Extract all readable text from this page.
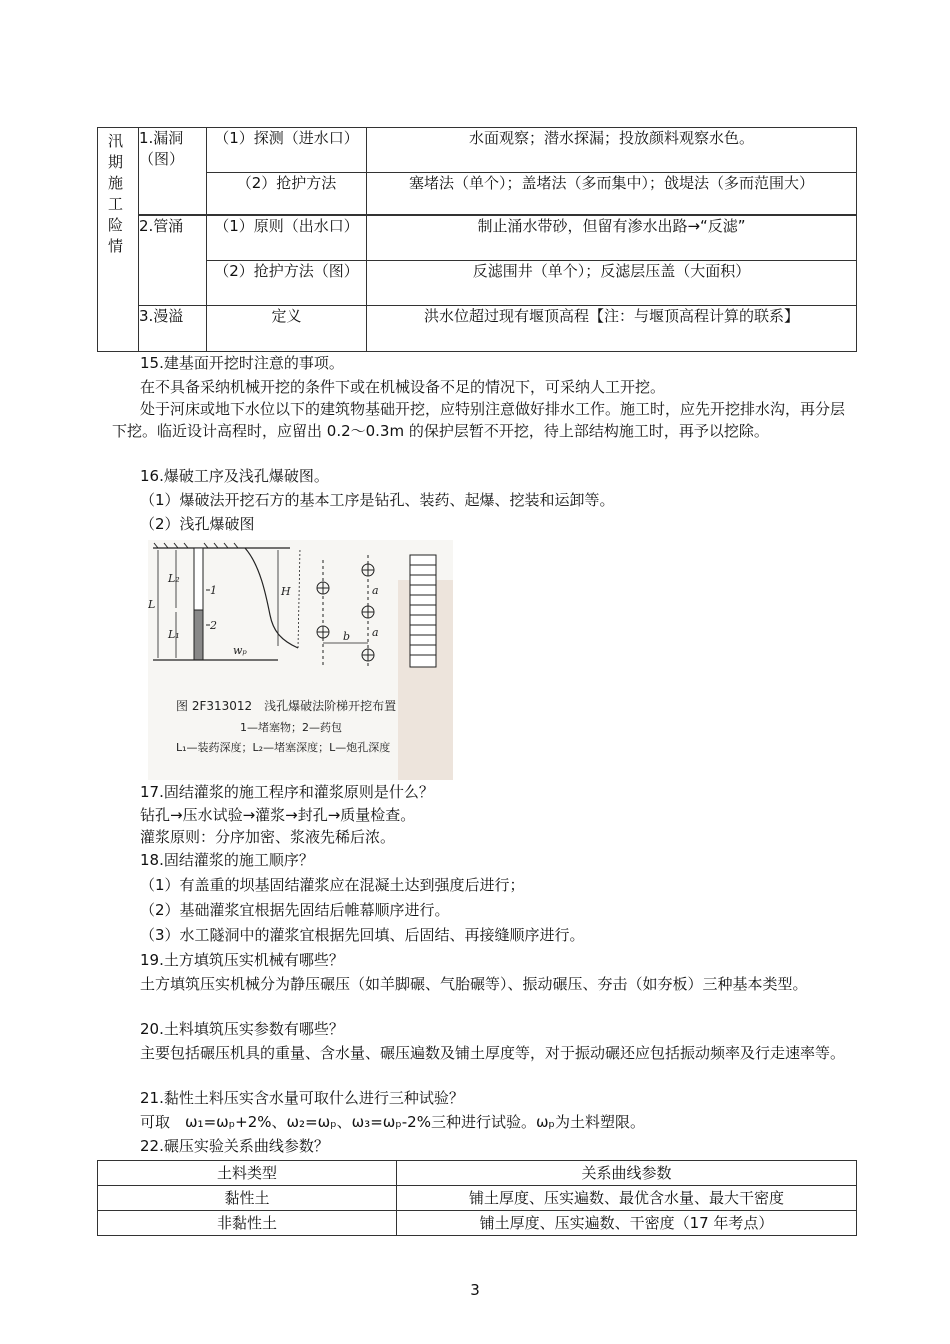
汛期施工险情	1.漏洞（图）	（1）探测（进水口）	水面观察；潜水探漏；投放颜料观察水色。
		（2）抢护方法	塞堵法（单个）；盖堵法（多而集中）；戗堤法（多而范围大）

	2.管涌	（1）原则（出水口）	制止涌水带砂，但留有渗水出路→“反滤”
		（2）抢护方法（图）	反滤围井（单个）；反滤层压盖（大面积）
	3.漫溢	定义	洪水位超过现有堰顶高程【注：与堰顶高程计算的联系】
15.建基面开挖时注意的事项。
在不具备采纳机械开挖的条件下或在机械设备不足的情况下，可采纳人工开挖。
处于河床或地下水位以下的建筑物基础开挖，应特别注意做好排水工作。施工时，应先开挖排水沟，再分层下挖。临近设计高程时，应留出 0.2～0.3m 的保护层暂不开挖，待上部结构施工时，再予以挖除。
16.爆破工序及浅孔爆破图。
（1）爆破法开挖石方的基本工序是钻孔、装药、起爆、挖装和运卸等。
（2）浅孔爆破图
L
L₂
L₁
H
wₚ
1
2
a
a
b
图 2F313012　浅孔爆破法阶梯开挖布置
1—堵塞物；2—药包
L₁—装药深度；L₂—堵塞深度；L—炮孔深度
17.固结灌浆的施工程序和灌浆原则是什么？
钻孔→压水试验→灌浆→封孔→质量检查。
灌浆原则：分序加密、浆液先稀后浓。
18.固结灌浆的施工顺序？
（1）有盖重的坝基固结灌浆应在混凝土达到强度后进行；
（2）基础灌浆宜根据先固结后帷幕顺序进行。
（3）水工隧洞中的灌浆宜根据先回填、后固结、再接缝顺序进行。
19.土方填筑压实机械有哪些？
土方填筑压实机械分为静压碾压（如羊脚碾、气胎碾等）、振动碾压、夯击（如夯板）三种基本类型。
20.土料填筑压实参数有哪些？
主要包括碾压机具的重量、含水量、碾压遍数及铺土厚度等，对于振动碾还应包括振动频率及行走速率等。
21.黏性土料压实含水量可取什么进行三种试验？
可取　ω₁=ωₚ+2%、ω₂=ωₚ、ω₃=ωₚ-2%三种进行试验。ωₚ为土料塑限。
22.碾压实验关系曲线参数？
土料类型	关系曲线参数
黏性土	铺土厚度、压实遍数、最优含水量、最大干密度
非黏性土	铺土厚度、压实遍数、干密度（17 年考点）
3
